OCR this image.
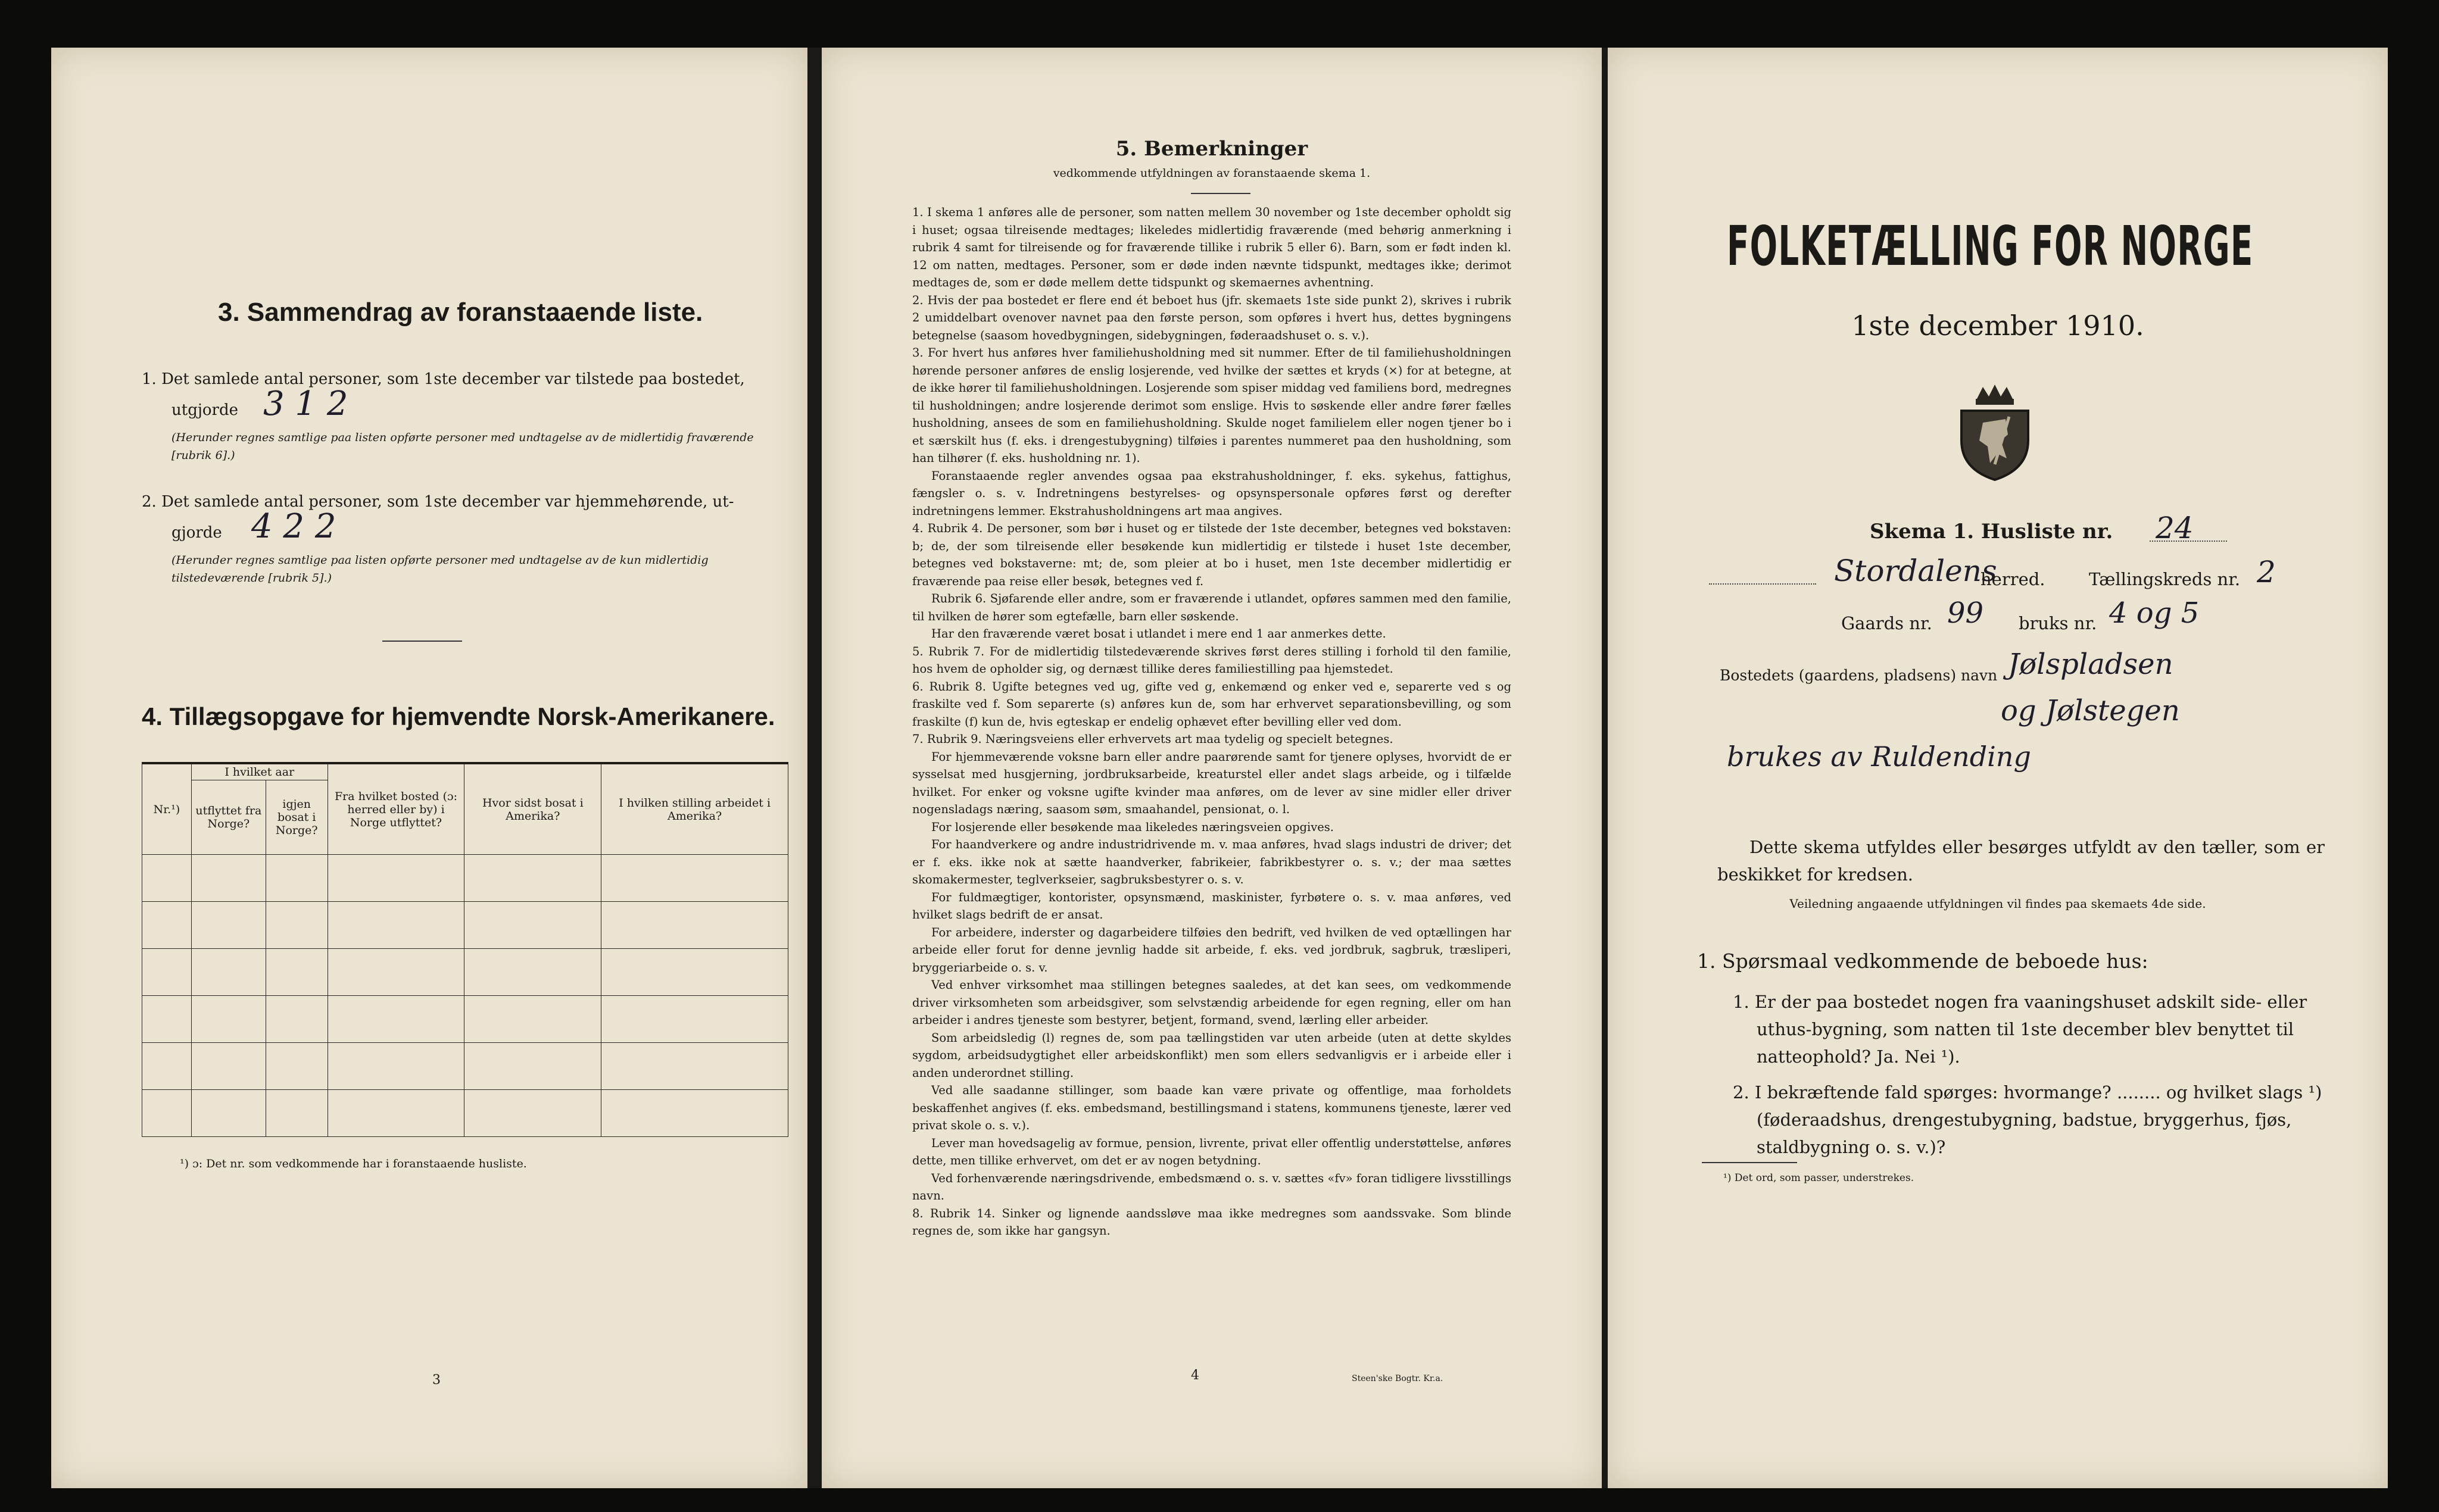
3. Sammendrag av foranstaaende liste.
1. Det samlede antal personer, som 1ste december var tilstede paa bostedet,
utgjorde 3 1 2
(Herunder regnes samtlige paa listen opførte personer med undtagelse av de midlertidig fraværende [rubrik 6].)
2. Det samlede antal personer, som 1ste december var hjemmehørende, ut-
gjorde 4 2 2
(Herunder regnes samtlige paa listen opførte personer med undtagelse av de kun midlertidig tilstedeværende [rubrik 5].)
4. Tillægsopgave for hjemvendte Norsk-Amerikanere.
Nr.¹)	I hvilket aar		Fra hvilket bosted (ɔ: herred eller by) i Norge utflyttet?	Hvor sidst bosat i Amerika?	I hvilken stilling arbeidet i Amerika?
	utflyttet fra Norge?	igjen bosat i Norge?			

¹) ɔ: Det nr. som vedkommende har i foranstaaende husliste.
3
5. Bemerkninger
vedkommende utfyldningen av foranstaaende skema 1.

1. I skema 1 anføres alle de personer, som natten mellem 30 november og 1ste december opholdt sig i huset; ogsaa tilreisende medtages; likeledes midlertidig fraværende (med behørig anmerkning i rubrik 4 samt for tilreisende og for fraværende tillike i rubrik 5 eller 6). Barn, som er født inden kl. 12 om natten, medtages. Personer, som er døde inden nævnte tidspunkt, medtages ikke; derimot medtages de, som er døde mellem dette tidspunkt og skemaernes avhentning.

2. Hvis der paa bostedet er flere end ét beboet hus (jfr. skemaets 1ste side punkt 2), skrives i rubrik 2 umiddelbart ovenover navnet paa den første person, som opføres i hvert hus, dettes bygningens betegnelse (saasom hovedbygningen, sidebygningen, føderaadshuset o. s. v.).

3. For hvert hus anføres hver familiehusholdning med sit nummer. Efter de til familiehusholdningen hørende personer anføres de enslig losjerende, ved hvilke der sættes et kryds (×) for at betegne, at de ikke hører til familiehusholdningen. Losjerende som spiser middag ved familiens bord, medregnes til husholdningen; andre losjerende derimot som enslige. Hvis to søskende eller andre fører fælles husholdning, ansees de som en familiehusholdning. Skulde noget familielem eller nogen tjener bo i et særskilt hus (f. eks. i drengestubygning) tilføies i parentes nummeret paa den husholdning, som han tilhører (f. eks. husholdning nr. 1).

Foranstaaende regler anvendes ogsaa paa ekstrahusholdninger, f. eks. sykehus, fattighus, fængsler o. s. v. Indretningens bestyrelses- og opsynspersonale opføres først og derefter indretningens lemmer. Ekstrahusholdningens art maa angives.

4. Rubrik 4. De personer, som bør i huset og er tilstede der 1ste december, betegnes ved bokstaven: b; de, der som tilreisende eller besøkende kun midlertidig er tilstede i huset 1ste december, betegnes ved bokstaverne: mt; de, som pleier at bo i huset, men 1ste december midlertidig er fraværende paa reise eller besøk, betegnes ved f.

Rubrik 6. Sjøfarende eller andre, som er fraværende i utlandet, opføres sammen med den familie, til hvilken de hører som egtefælle, barn eller søskende.

Har den fraværende været bosat i utlandet i mere end 1 aar anmerkes dette.

5. Rubrik 7. For de midlertidig tilstedeværende skrives først deres stilling i forhold til den familie, hos hvem de opholder sig, og dernæst tillike deres familiestilling paa hjemstedet.

6. Rubrik 8. Ugifte betegnes ved ug, gifte ved g, enkemænd og enker ved e, separerte ved s og fraskilte ved f. Som separerte (s) anføres kun de, som har erhvervet separationsbevilling, og som fraskilte (f) kun de, hvis egteskap er endelig ophævet efter bevilling eller ved dom.

7. Rubrik 9. Næringsveiens eller erhvervets art maa tydelig og specielt betegnes.

For hjemmeværende voksne barn eller andre paarørende samt for tjenere oplyses, hvorvidt de er sysselsat med husgjerning, jordbruksarbeide, kreaturstel eller andet slags arbeide, og i tilfælde hvilket. For enker og voksne ugifte kvinder maa anføres, om de lever av sine midler eller driver nogensladags næring, saasom søm, smaahandel, pensionat, o. l.

For losjerende eller besøkende maa likeledes næringsveien opgives.

For haandverkere og andre industridrivende m. v. maa anføres, hvad slags industri de driver; det er f. eks. ikke nok at sætte haandverker, fabrikeier, fabrikbestyrer o. s. v.; der maa sættes skomakermester, teglverkseier, sagbruksbestyrer o. s. v.

For fuldmægtiger, kontorister, opsynsmænd, maskinister, fyrbøtere o. s. v. maa anføres, ved hvilket slags bedrift de er ansat.

For arbeidere, inderster og dagarbeidere tilføies den bedrift, ved hvilken de ved optællingen har arbeide eller forut for denne jevnlig hadde sit arbeide, f. eks. ved jordbruk, sagbruk, træsliperi, bryggeriarbeide o. s. v.

Ved enhver virksomhet maa stillingen betegnes saaledes, at det kan sees, om vedkommende driver virksomheten som arbeidsgiver, som selvstændig arbeidende for egen regning, eller om han arbeider i andres tjeneste som bestyrer, betjent, formand, svend, lærling eller arbeider.

Som arbeidsledig (l) regnes de, som paa tællingstiden var uten arbeide (uten at dette skyldes sygdom, arbeidsudygtighet eller arbeidskonflikt) men som ellers sedvanligvis er i arbeide eller i anden underordnet stilling.

Ved alle saadanne stillinger, som baade kan være private og offentlige, maa forholdets beskaffenhet angives (f. eks. embedsmand, bestillingsmand i statens, kommunens tjeneste, lærer ved privat skole o. s. v.).

Lever man hovedsagelig av formue, pension, livrente, privat eller offentlig understøttelse, anføres dette, men tillike erhvervet, om det er av nogen betydning.

Ved forhenværende næringsdrivende, embedsmænd o. s. v. sættes «fv» foran tidligere livsstillings navn.

8. Rubrik 14. Sinker og lignende aandssløve maa ikke medregnes som aandssvake. Som blinde regnes de, som ikke har gangsyn.

4	Steen'ske Bogtr. Kr.a.
FOLKETÆLLING FOR NORGE
1ste december 1910.
Skema 1. Husliste nr. 24
Stordalens
herred.	Tællingskreds nr. 2
Gaards nr. 99 bruks nr. 4 og 5
Bostedets (gaardens, pladsens) navn Jølspladsen
og Jølstegen
brukes av Ruldending
Dette skema utfyldes eller besørges utfyldt av den tæller, som er beskikket for kredsen.
Veiledning angaaende utfyldningen vil findes paa skemaets 4de side.
1. Spørsmaal vedkommende de beboede hus:
1. Er der paa bostedet nogen fra vaaningshuset adskilt side- eller uthus-bygning, som natten til 1ste december blev benyttet til natteophold? Ja. Nei ¹).
2. I bekræftende fald spørges: hvormange? ........ og hvilket slags ¹) (føderaadshus, drengestubygning, badstue, bryggerhus, fjøs, staldbygning o. s. v.)?
¹) Det ord, som passer, understrekes.
